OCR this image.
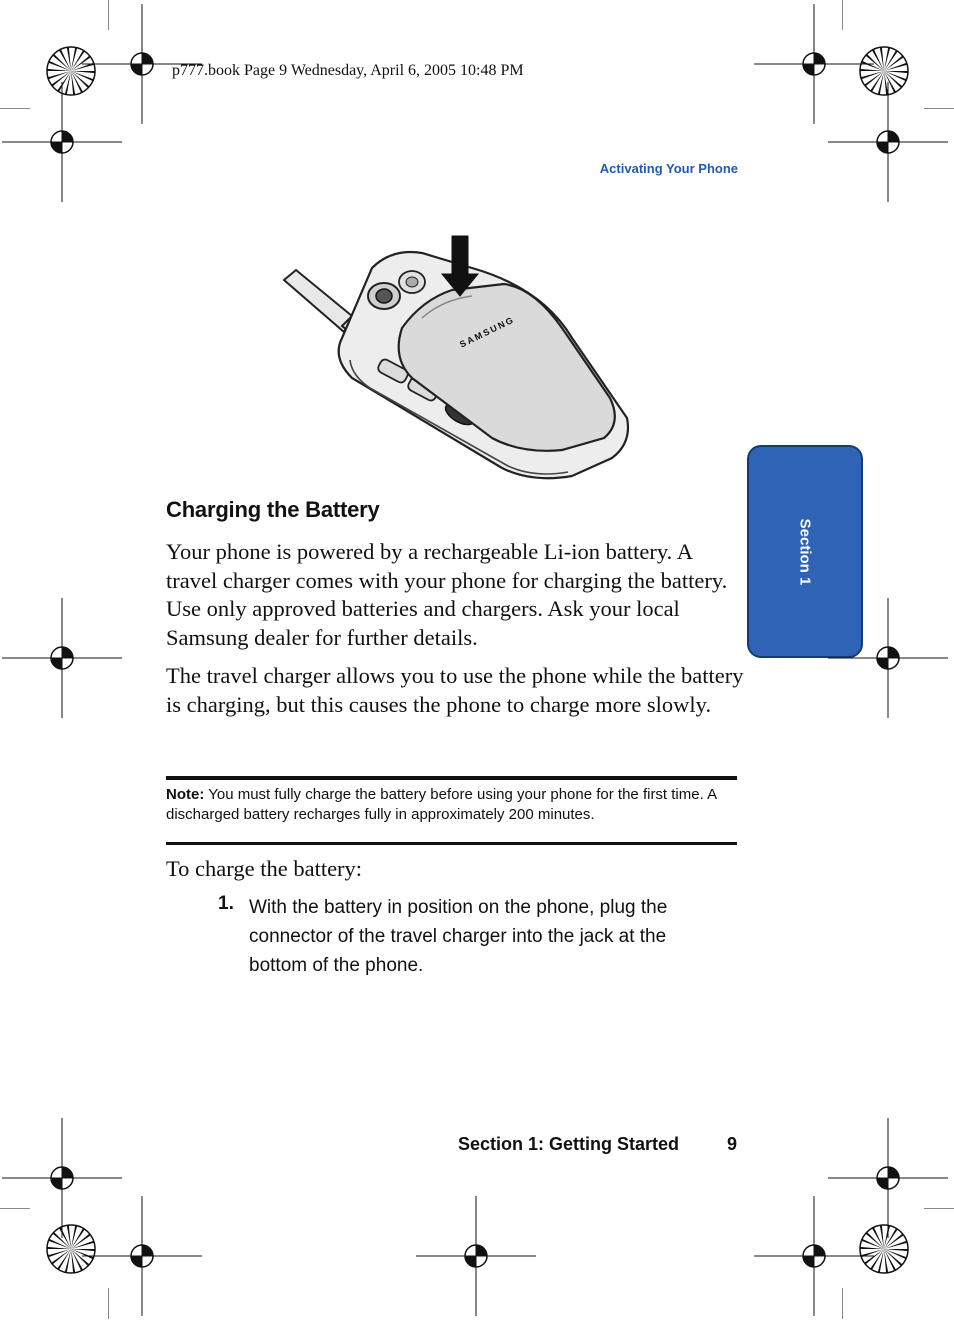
p777.book Page 9 Wednesday, April 6, 2005 10:48 PM
Activating Your Phone
Section 1
SAMSUNG
Charging the Battery
Your phone is powered by a rechargeable Li-ion battery. A travel charger comes with your phone for charging the battery. Use only approved batteries and chargers. Ask your local Samsung dealer for further details.
The travel charger allows you to use the phone while the battery is charging, but this causes the phone to charge more slowly.
Note: You must fully charge the battery before using your phone for the first time. A discharged battery recharges fully in approximately 200 minutes.
To charge the battery:
1. With the battery in position on the phone, plug the connector of the travel charger into the jack at the bottom of the phone.
Section 1: Getting Started	9
